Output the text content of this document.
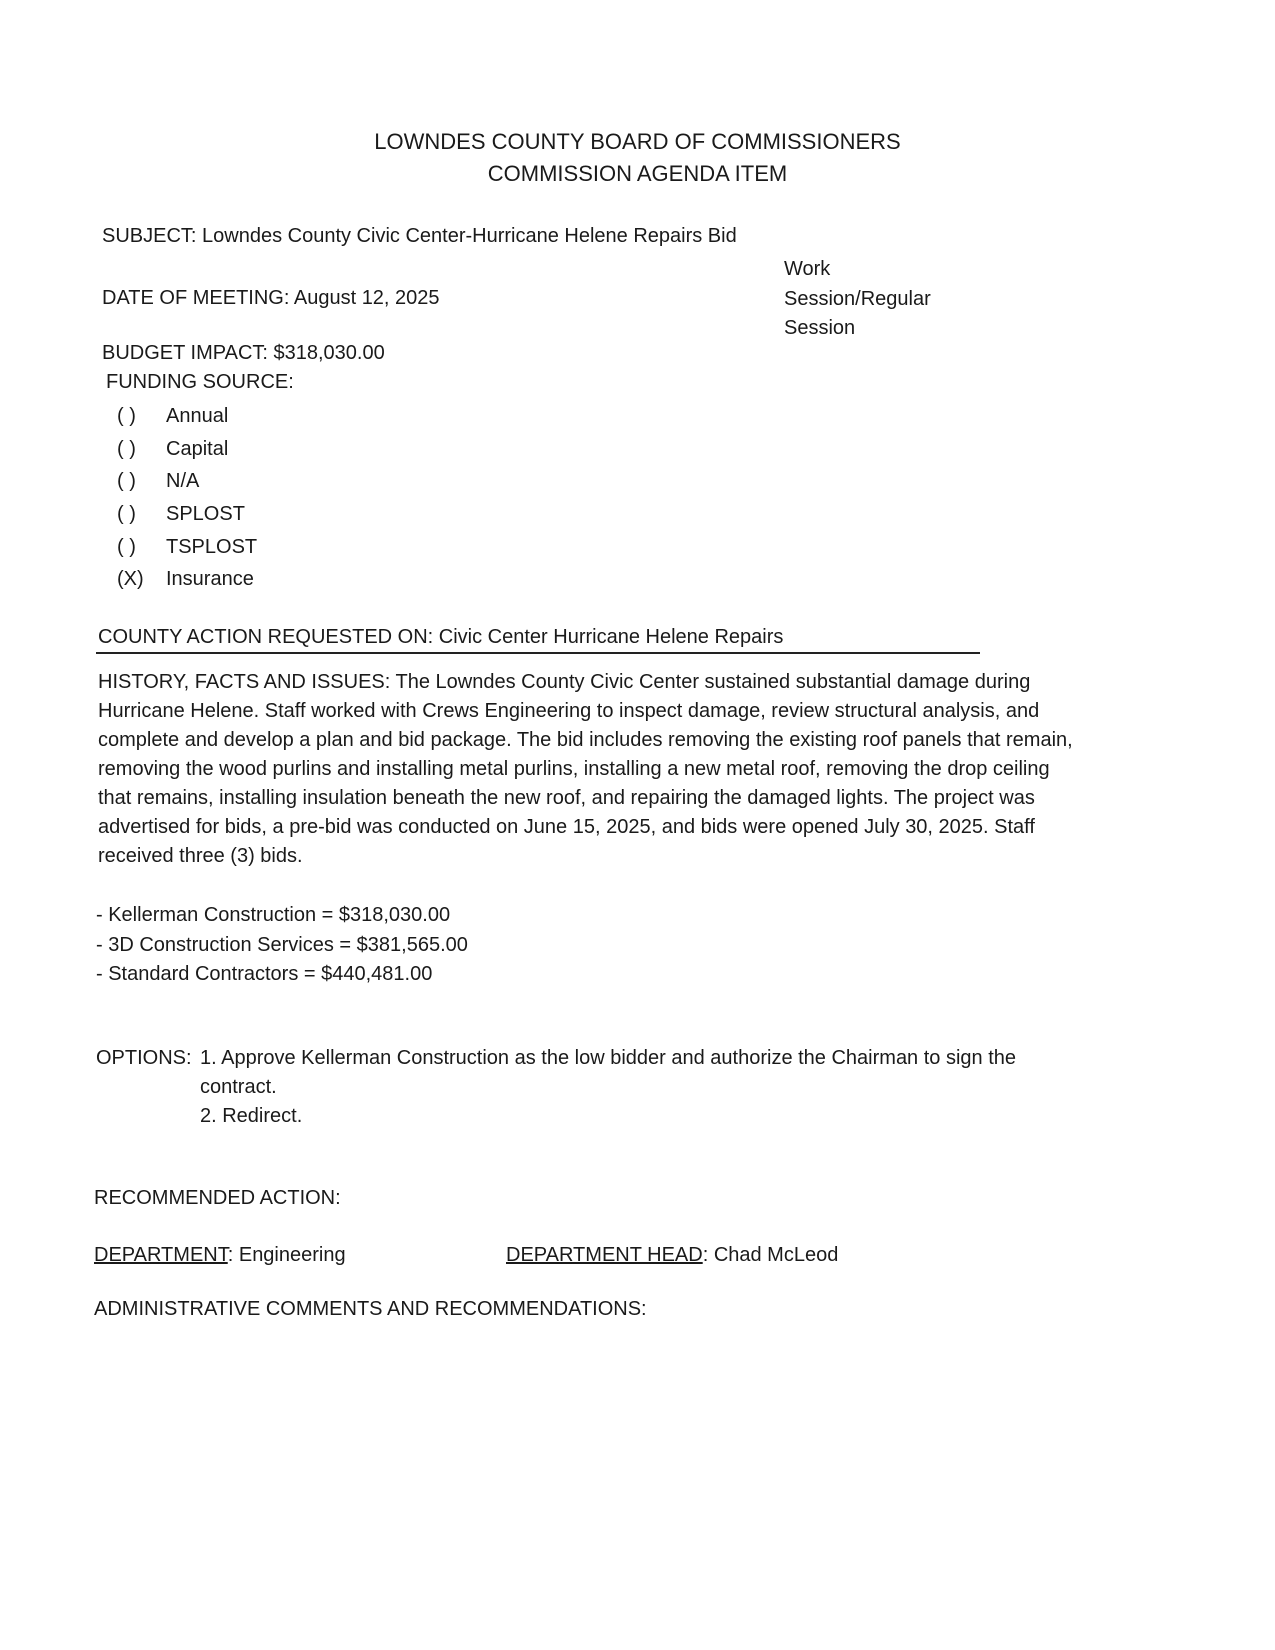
LOWNDES COUNTY BOARD OF COMMISSIONERS
COMMISSION AGENDA ITEM
SUBJECT: Lowndes County Civic Center-Hurricane Helene Repairs Bid
Work
Session/Regular
Session
DATE OF MEETING: August 12, 2025
BUDGET IMPACT: $318,030.00
FUNDING SOURCE:
( ) Annual
( ) Capital
( ) N/A
( ) SPLOST
( ) TSPLOST
(X) Insurance
COUNTY ACTION REQUESTED ON: Civic Center Hurricane Helene Repairs
HISTORY, FACTS AND ISSUES: The Lowndes County Civic Center sustained substantial damage during
Hurricane Helene. Staff worked with Crews Engineering to inspect damage, review structural analysis, and
complete and develop a plan and bid package. The bid includes removing the existing roof panels that remain,
removing the wood purlins and installing metal purlins, installing a new metal roof, removing the drop ceiling
that remains, installing insulation beneath the new roof, and repairing the damaged lights. The project was
advertised for bids, a pre-bid was conducted on June 15, 2025, and bids were opened July 30, 2025. Staff
received three (3) bids.
- Kellerman Construction = $318,030.00
- 3D Construction Services = $381,565.00
- Standard Contractors = $440,481.00
OPTIONS: 1. Approve Kellerman Construction as the low bidder and authorize the Chairman to sign the
contract.
2. Redirect.
RECOMMENDED ACTION:
DEPARTMENT: Engineering	DEPARTMENT HEAD: Chad McLeod
ADMINISTRATIVE COMMENTS AND RECOMMENDATIONS:
